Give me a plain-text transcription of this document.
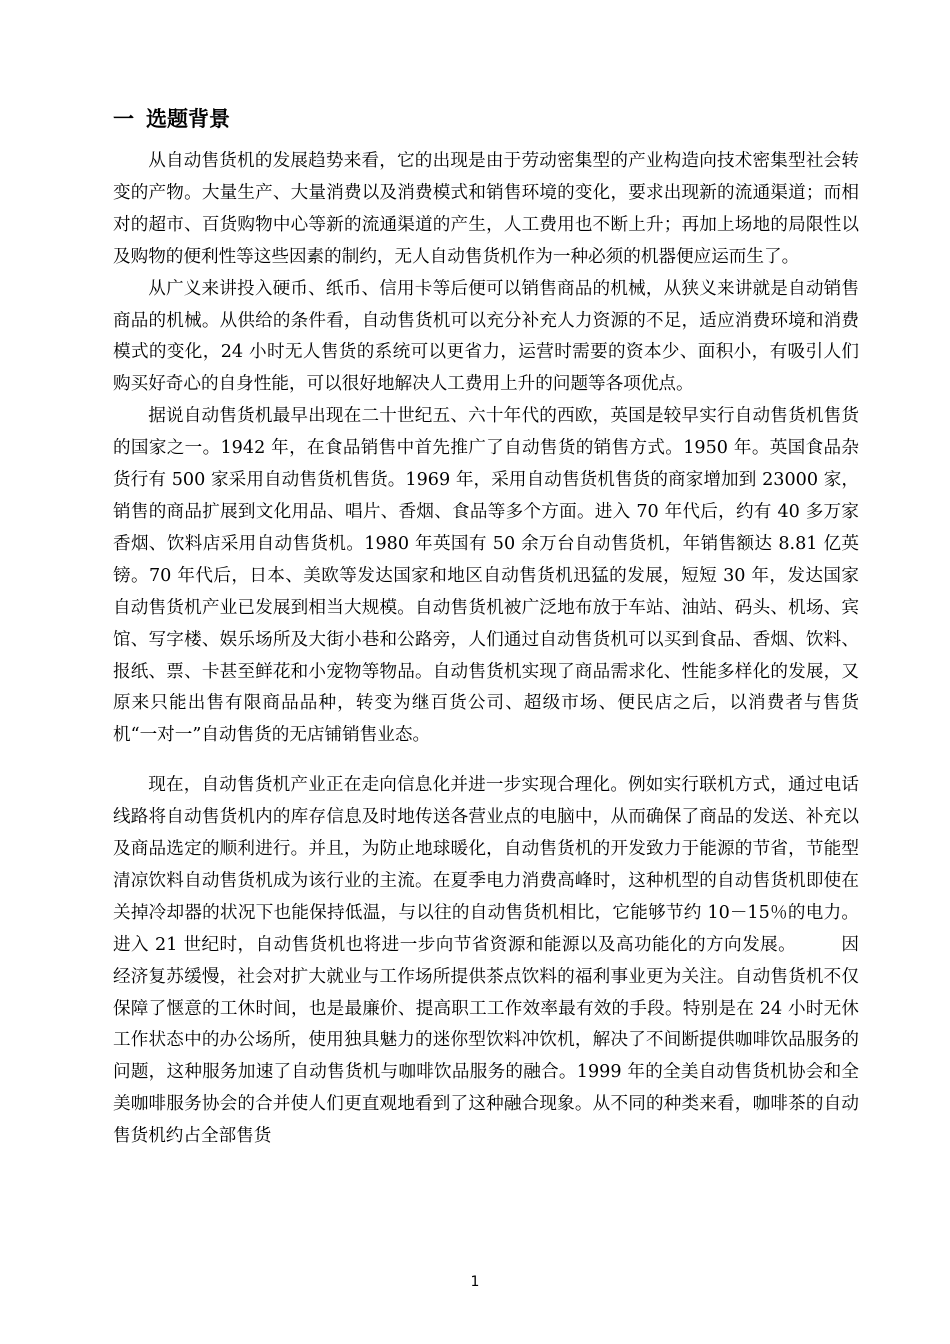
一 选题背景

从自动售货机的发展趋势来看，它的出现是由于劳动密集型的产业构造向技术密集型社会转变的产物。大量生产、大量消费以及消费模式和销售环境的变化，要求出现新的流通渠道；而相对的超市、百货购物中心等新的流通渠道的产生，人工费用也不断上升；再加上场地的局限性以及购物的便利性等这些因素的制约，无人自动售货机作为一种必须的机器便应运而生了。

从广义来讲投入硬币、纸币、信用卡等后便可以销售商品的机械，从狭义来讲就是自动销售商品的机械。从供给的条件看，自动售货机可以充分补充人力资源的不足，适应消费环境和消费模式的变化，24 小时无人售货的系统可以更省力，运营时需要的资本少、面积小，有吸引人们购买好奇心的自身性能，可以很好地解决人工费用上升的问题等各项优点。

据说自动售货机最早出现在二十世纪五、六十年代的西欧，英国是较早实行自动售货机售货的国家之一。1942 年，在食品销售中首先推广了自动售货的销售方式。1950 年。英国食品杂货行有 500 家采用自动售货机售货。1969 年，采用自动售货机售货的商家增加到 23000 家，销售的商品扩展到文化用品、唱片、香烟、食品等多个方面。进入 70 年代后，约有 40 多万家香烟、饮料店采用自动售货机。1980 年英国有 50 余万台自动售货机，年销售额达 8.81 亿英镑。70 年代后，日本、美欧等发达国家和地区自动售货机迅猛的发展，短短 30 年，发达国家自动售货机产业已发展到相当大规模。自动售货机被广泛地布放于车站、油站、码头、机场、宾馆、写字楼、娱乐场所及大街小巷和公路旁，人们通过自动售货机可以买到食品、香烟、饮料、报纸、票、卡甚至鲜花和小宠物等物品。自动售货机实现了商品需求化、性能多样化的发展，又原来只能出售有限商品品种，转变为继百货公司、超级市场、便民店之后，以消费者与售货机“一对一”自动售货的无店铺销售业态。

现在，自动售货机产业正在走向信息化并进一步实现合理化。例如实行联机方式，通过电话线路将自动售货机内的库存信息及时地传送各营业点的电脑中，从而确保了商品的发送、补充以及商品选定的顺利进行。并且，为防止地球暖化，自动售货机的开发致力于能源的节省，节能型清凉饮料自动售货机成为该行业的主流。在夏季电力消费高峰时，这种机型的自动售货机即使在关掉冷却器的状况下也能保持低温，与以往的自动售货机相比，它能够节约 10－15％的电力。进入 21 世纪时，自动售货机也将进一步向节省资源和能源以及高功能化的方向发展。　　　因经济复苏缓慢，社会对扩大就业与工作场所提供茶点饮料的福利事业更为关注。自动售货机不仅保障了惬意的工休时间，也是最廉价、提高职工工作效率最有效的手段。特别是在 24 小时无休工作状态中的办公场所，使用独具魅力的迷你型饮料冲饮机，解决了不间断提供咖啡饮品服务的问题，这种服务加速了自动售货机与咖啡饮品服务的融合。1999 年的全美自动售货机协会和全美咖啡服务协会的合并使人们更直观地看到了这种融合现象。从不同的种类来看，咖啡茶的自动售货机约占全部售货

1
